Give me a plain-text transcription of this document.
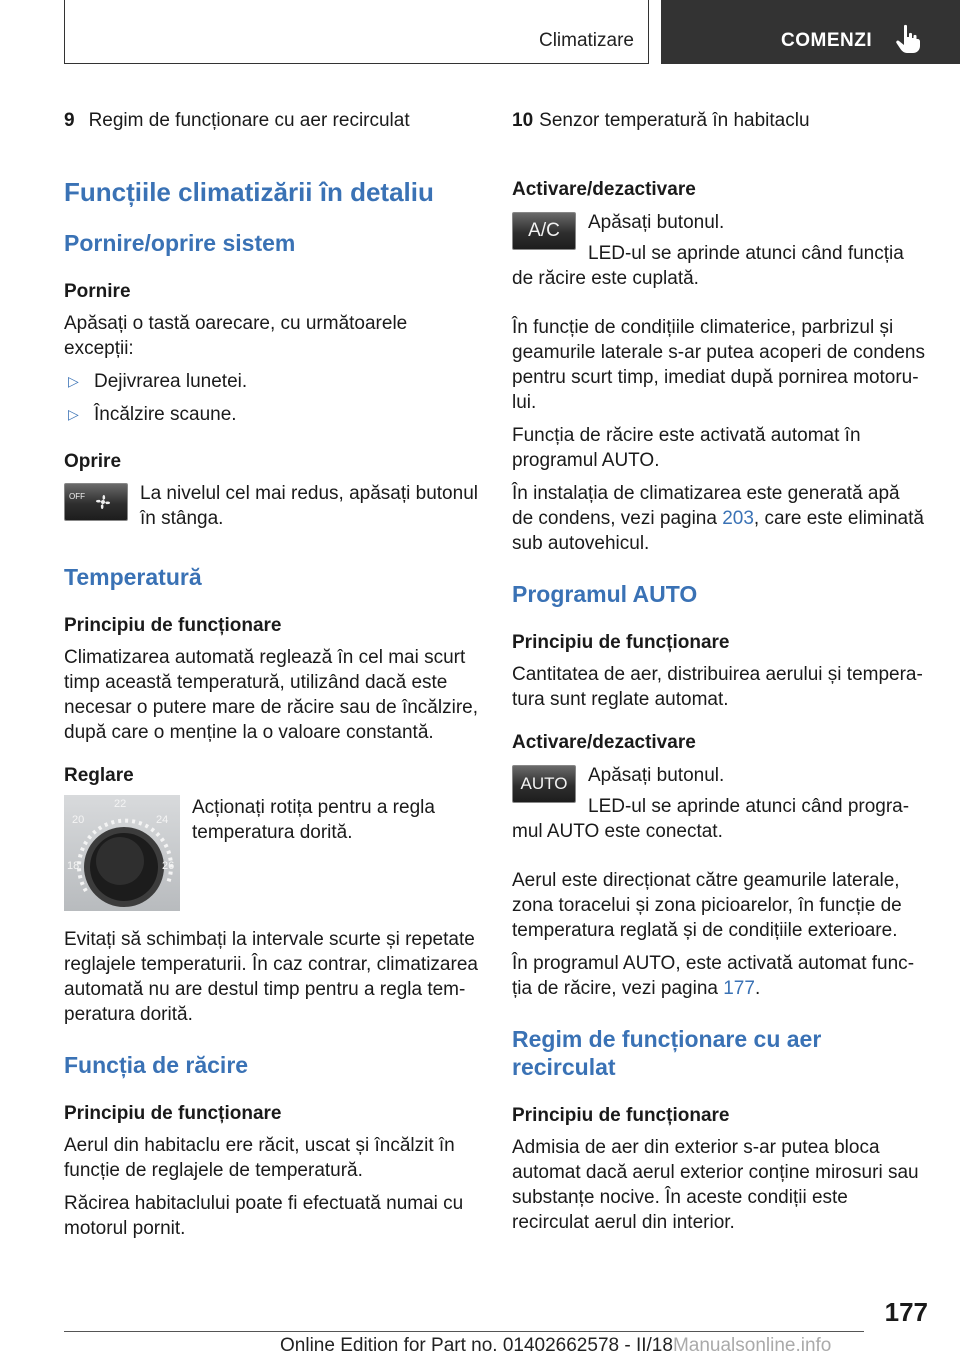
Climatizare	COMENZI
9 Regim de funcționare cu aer recirculat
Funcțiile climatizării în detaliu
Pornire/oprire sistem
Pornire

Apăsați o tastă oarecare, cu următoarele excepții:

▷ Dejivrarea lunetei.
▷ Încălzire scaune.
Oprire
OFF	La nivelul cel mai redus, apăsați butonul în stânga.

Temperatură
Principiu de funcționare

Climatizarea automată reglează în cel mai scurt timp această temperatură, utilizând dacă este necesar o putere mare de răcire sau de încălzire, după care o menține la o valoare constantă.

Reglare
18
20
22
24
26

Acționați rotița pentru a regla temperatura dorită.

Evitați să schimbați la intervale scurte și repetate reglajele temperaturii. În caz contrar, climatizarea automată nu are destul timp pentru a regla temperatura dorită.

Funcția de răcire
Principiu de funcționare

Aerul din habitaclu ere răcit, uscat și încălzit în funcție de reglajele de temperatură.

Răcirea habitaclului poate fi efectuată numai cu motorul pornit.

10 Senzor temperatură în habitaclu
Activare/dezactivare
A/C	Apăsați butonul.

LED-ul se aprinde atunci când funcția de răcire este cuplată.

În funcție de condițiile climaterice, parbrizul și geamurile laterale s-ar putea acoperi de condens pentru scurt timp, imediat după pornirea motorului.

Funcția de răcire este activată automat în programul AUTO.

În instalația de climatizarea este generată apă de condens, vezi pagina 203, care este eliminată sub autovehicul.

Programul AUTO
Principiu de funcționare

Cantitatea de aer, distribuirea aerului și temperatura sunt reglate automat.

Activare/dezactivare
AUTO	Apăsați butonul.

LED-ul se aprinde atunci când programul AUTO este conectat.

Aerul este direcționat către geamurile laterale, zona toracelui și zona picioarelor, în funcție de temperatura reglată și de condițiile exterioare.

În programul AUTO, este activată automat funcția de răcire, vezi pagina 177.

Regim de funcționare cu aer recirculat
Principiu de funcționare

Admisia de aer din exterior s-ar putea bloca automat dacă aerul exterior conține mirosuri sau substanțe nocive. În aceste condiții este recirculat aerul din interior.

177
Online Edition for Part no. 01402662578 - II/18Manualsonline.info
